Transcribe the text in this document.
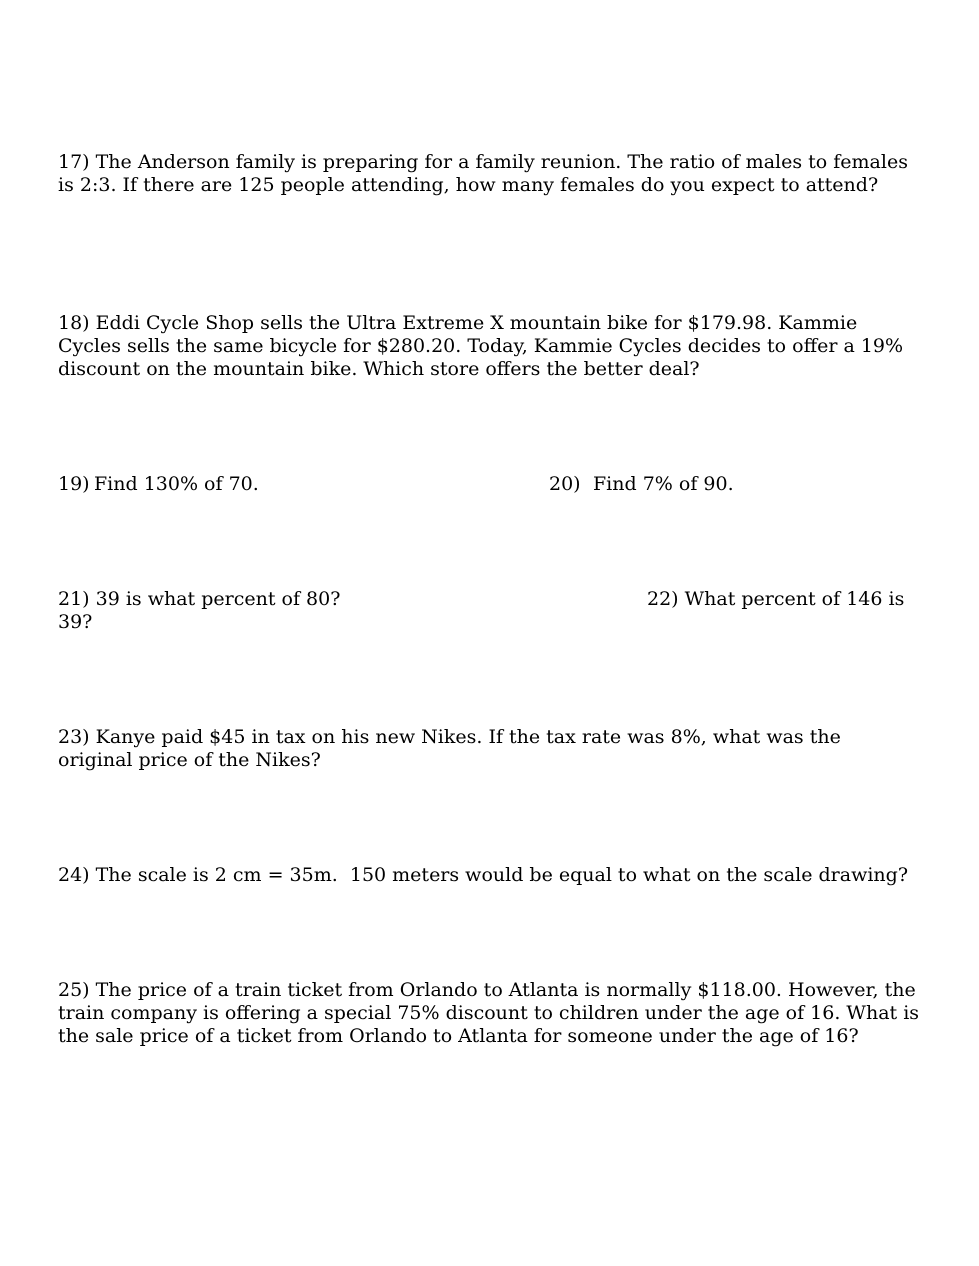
17) The Anderson family is preparing for a family reunion. The ratio of males to females is 2:3. If there are 125 people attending, how many females do you expect to attend?

18) Eddi Cycle Shop sells the Ultra Extreme X mountain bike for $179.98. Kammie Cycles sells the same bicycle for $280.20. Today, Kammie Cycles decides to offer a 19% discount on the mountain bike. Which store offers the better deal?

19) Find 130% of 70.	20) Find 7% of 90.

21) 39 is what percent of 80?	22) What percent of 146 is

39?

23) Kanye paid $45 in tax on his new Nikes. If the tax rate was 8%, what was the original price of the Nikes?

24) The scale is 2 cm = 35m.  150 meters would be equal to what on the scale drawing?

25) The price of a train ticket from Orlando to Atlanta is normally $118.00. However, the train company is offering a special 75% discount to children under the age of 16. What is the sale price of a ticket from Orlando to Atlanta for someone under the age of 16?
